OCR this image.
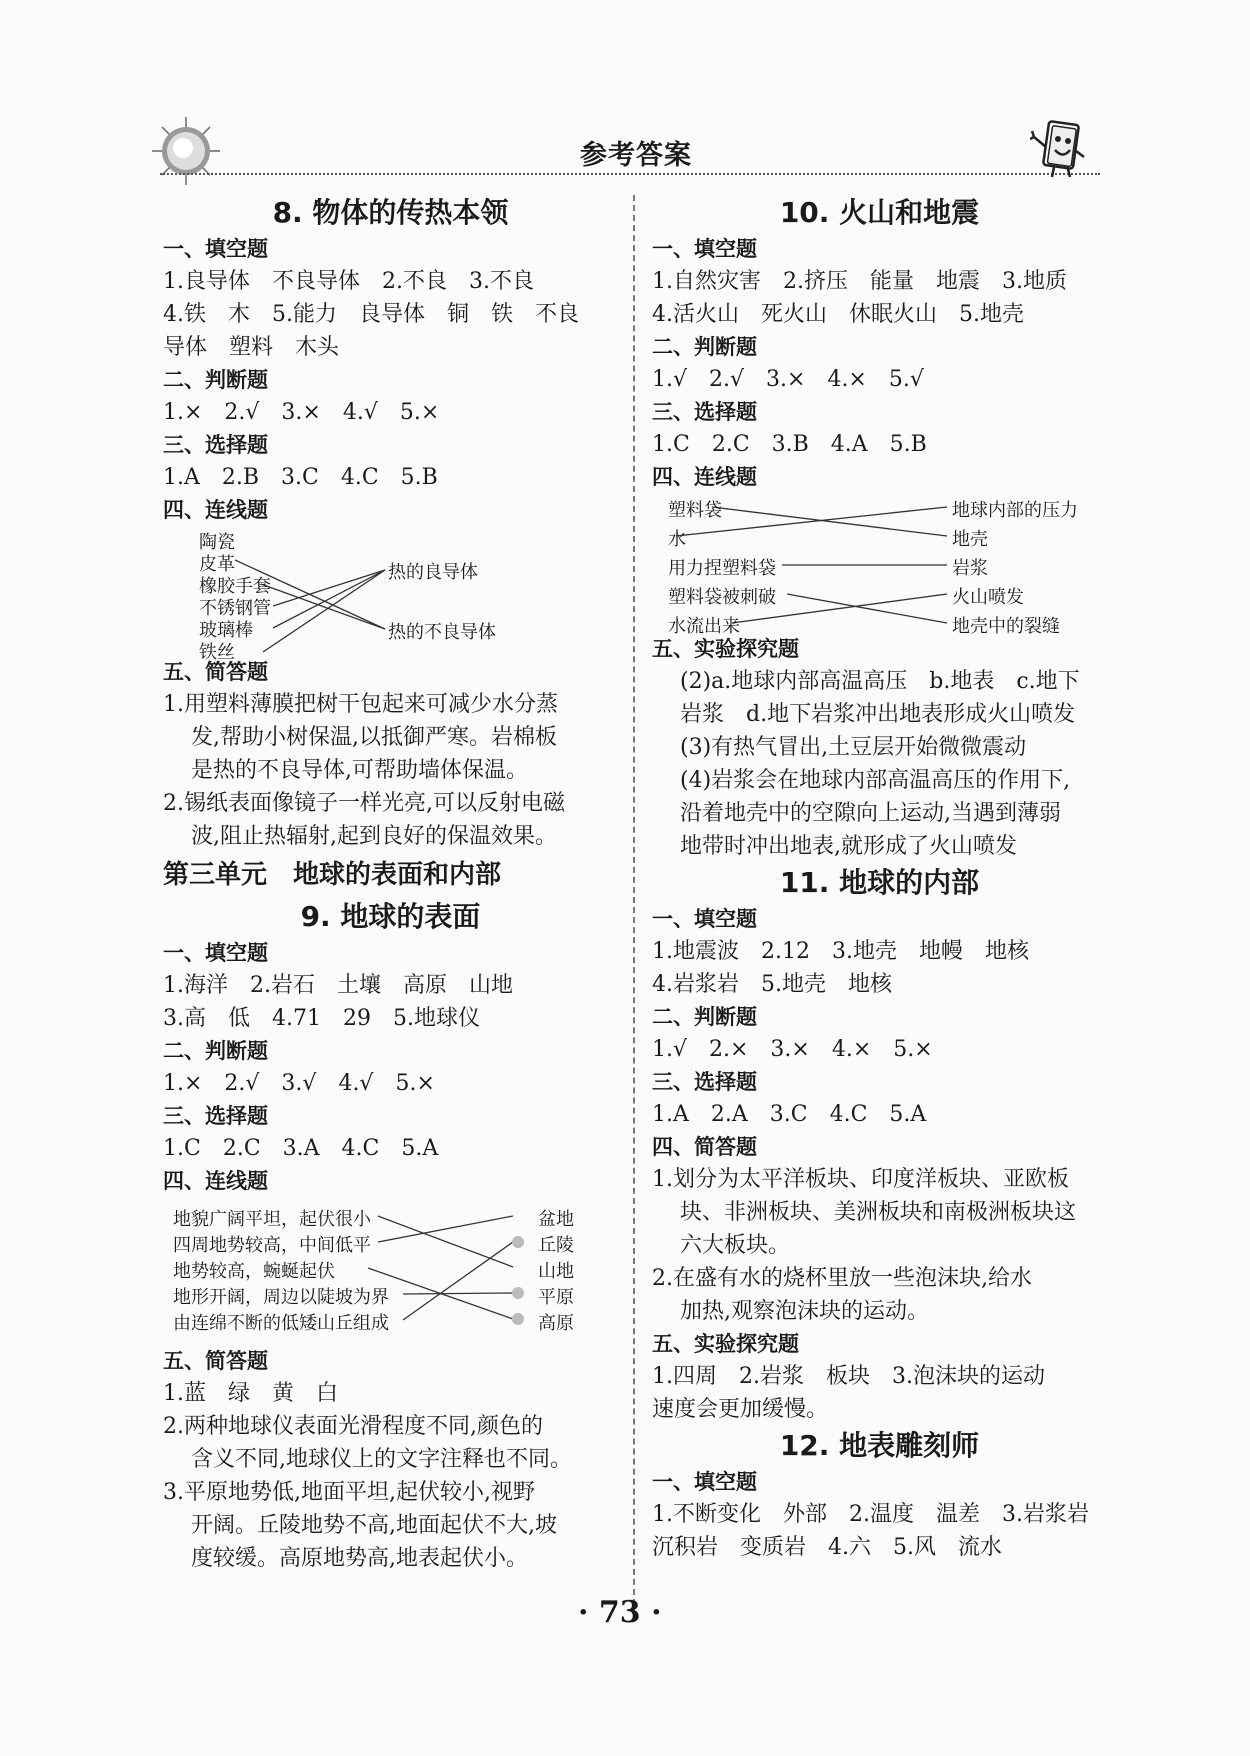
参考答案
8. 物体的传热本领
一、填空题
1.良导体　不良导体　2.不良　3.不良
4.铁　木　5.能力　良导体　铜　铁　不良
导体　塑料　木头
二、判断题
1.×　2.√　3.×　4.√　5.×
三、选择题
1.A　2.B　3.C　4.C　5.B
四、连线题
陶瓷
皮革
橡胶手套
不锈钢管
玻璃棒
铁丝
热的良导体
热的不良导体
五、简答题
1.用塑料薄膜把树干包起来可减少水分蒸
发,帮助小树保温,以抵御严寒。岩棉板
是热的不良导体,可帮助墙体保温。
2.锡纸表面像镜子一样光亮,可以反射电磁
波,阻止热辐射,起到良好的保温效果。
第三单元　地球的表面和内部
9. 地球的表面
一、填空题
1.海洋　2.岩石　土壤　高原　山地
3.高　低　4.71　29　5.地球仪
二、判断题
1.×　2.√　3.√　4.√　5.×
三、选择题
1.C　2.C　3.A　4.C　5.A
四、连线题
地貌广阔平坦，起伏很小
四周地势较高，中间低平
地势较高，蜿蜒起伏
地形开阔，周边以陡坡为界
由连绵不断的低矮山丘组成
盆地
丘陵
山地
平原
高原
五、简答题
1.蓝　绿　黄　白
2.两种地球仪表面光滑程度不同,颜色的
含义不同,地球仪上的文字注释也不同。
3.平原地势低,地面平坦,起伏较小,视野
开阔。丘陵地势不高,地面起伏不大,坡
度较缓。高原地势高,地表起伏小。
10. 火山和地震
一、填空题
1.自然灾害　2.挤压　能量　地震　3.地质
4.活火山　死火山　休眠火山　5.地壳
二、判断题
1.√　2.√　3.×　4.×　5.√
三、选择题
1.C　2.C　3.B　4.A　5.B
四、连线题
塑料袋
水
用力捏塑料袋
塑料袋被刺破
水流出来
地球内部的压力
地壳
岩浆
火山喷发
地壳中的裂缝
五、实验探究题
(2)a.地球内部高温高压　b.地表　c.地下
岩浆　d.地下岩浆冲出地表形成火山喷发
(3)有热气冒出,土豆层开始微微震动
(4)岩浆会在地球内部高温高压的作用下,
沿着地壳中的空隙向上运动,当遇到薄弱
地带时冲出地表,就形成了火山喷发
11. 地球的内部
一、填空题
1.地震波　2.12　3.地壳　地幔　地核
4.岩浆岩　5.地壳　地核
二、判断题
1.√　2.×　3.×　4.×　5.×
三、选择题
1.A　2.A　3.C　4.C　5.A
四、简答题
1.划分为太平洋板块、印度洋板块、亚欧板
块、非洲板块、美洲板块和南极洲板块这
六大板块。
2.在盛有水的烧杯里放一些泡沫块,给水
加热,观察泡沫块的运动。
五、实验探究题
1.四周　2.岩浆　板块　3.泡沫块的运动
速度会更加缓慢。
12. 地表雕刻师
一、填空题
1.不断变化　外部　2.温度　温差　3.岩浆岩
沉积岩　变质岩　4.六　5.风　流水
· 73 ·
